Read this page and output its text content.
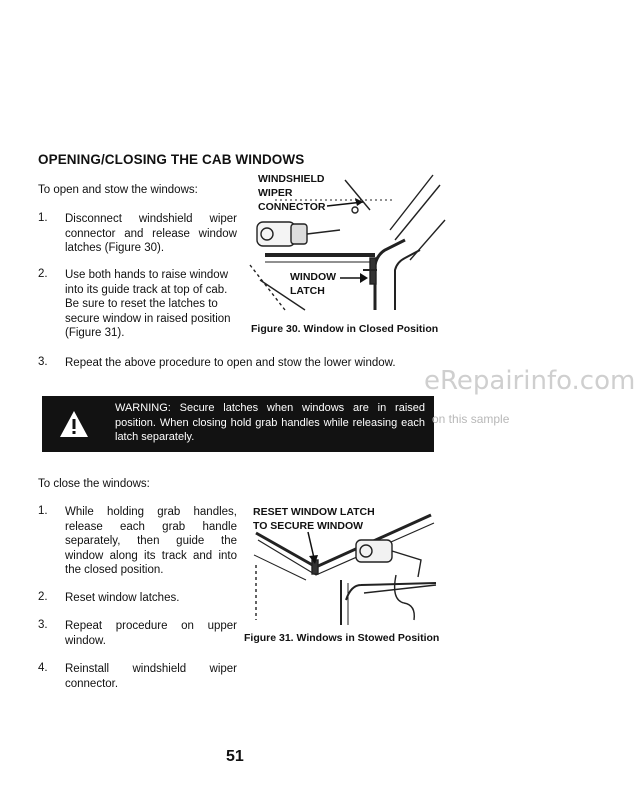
OPENING/CLOSING THE CAB WINDOWS
To open and stow the windows:
1. Disconnect windshield wiper connector and release window latches (Figure 30).
2. Use both hands to raise window into its guide track at top of cab. Be sure to reset the latches to secure window in raised position (Figure 31).
3. Repeat the above procedure to open and stow the lower window.
WINDSHIELD
WIPER
CONNECTOR
WINDOW
LATCH
Figure 30. Window in Closed Position
eRepairinfo.com
WARNING: Secure latches when windows are in raised position. When closing hold grab handles while releasing each latch separately.
on this sample
To close the windows:
1. While holding grab handles, release each grab handle separately, then guide the window along its track and into the closed position.
2. Reset window latches.
3. Repeat procedure on upper window.
4. Reinstall windshield wiper connector.
RESET WINDOW LATCH
TO SECURE WINDOW
Figure 31. Windows in Stowed Position
51
